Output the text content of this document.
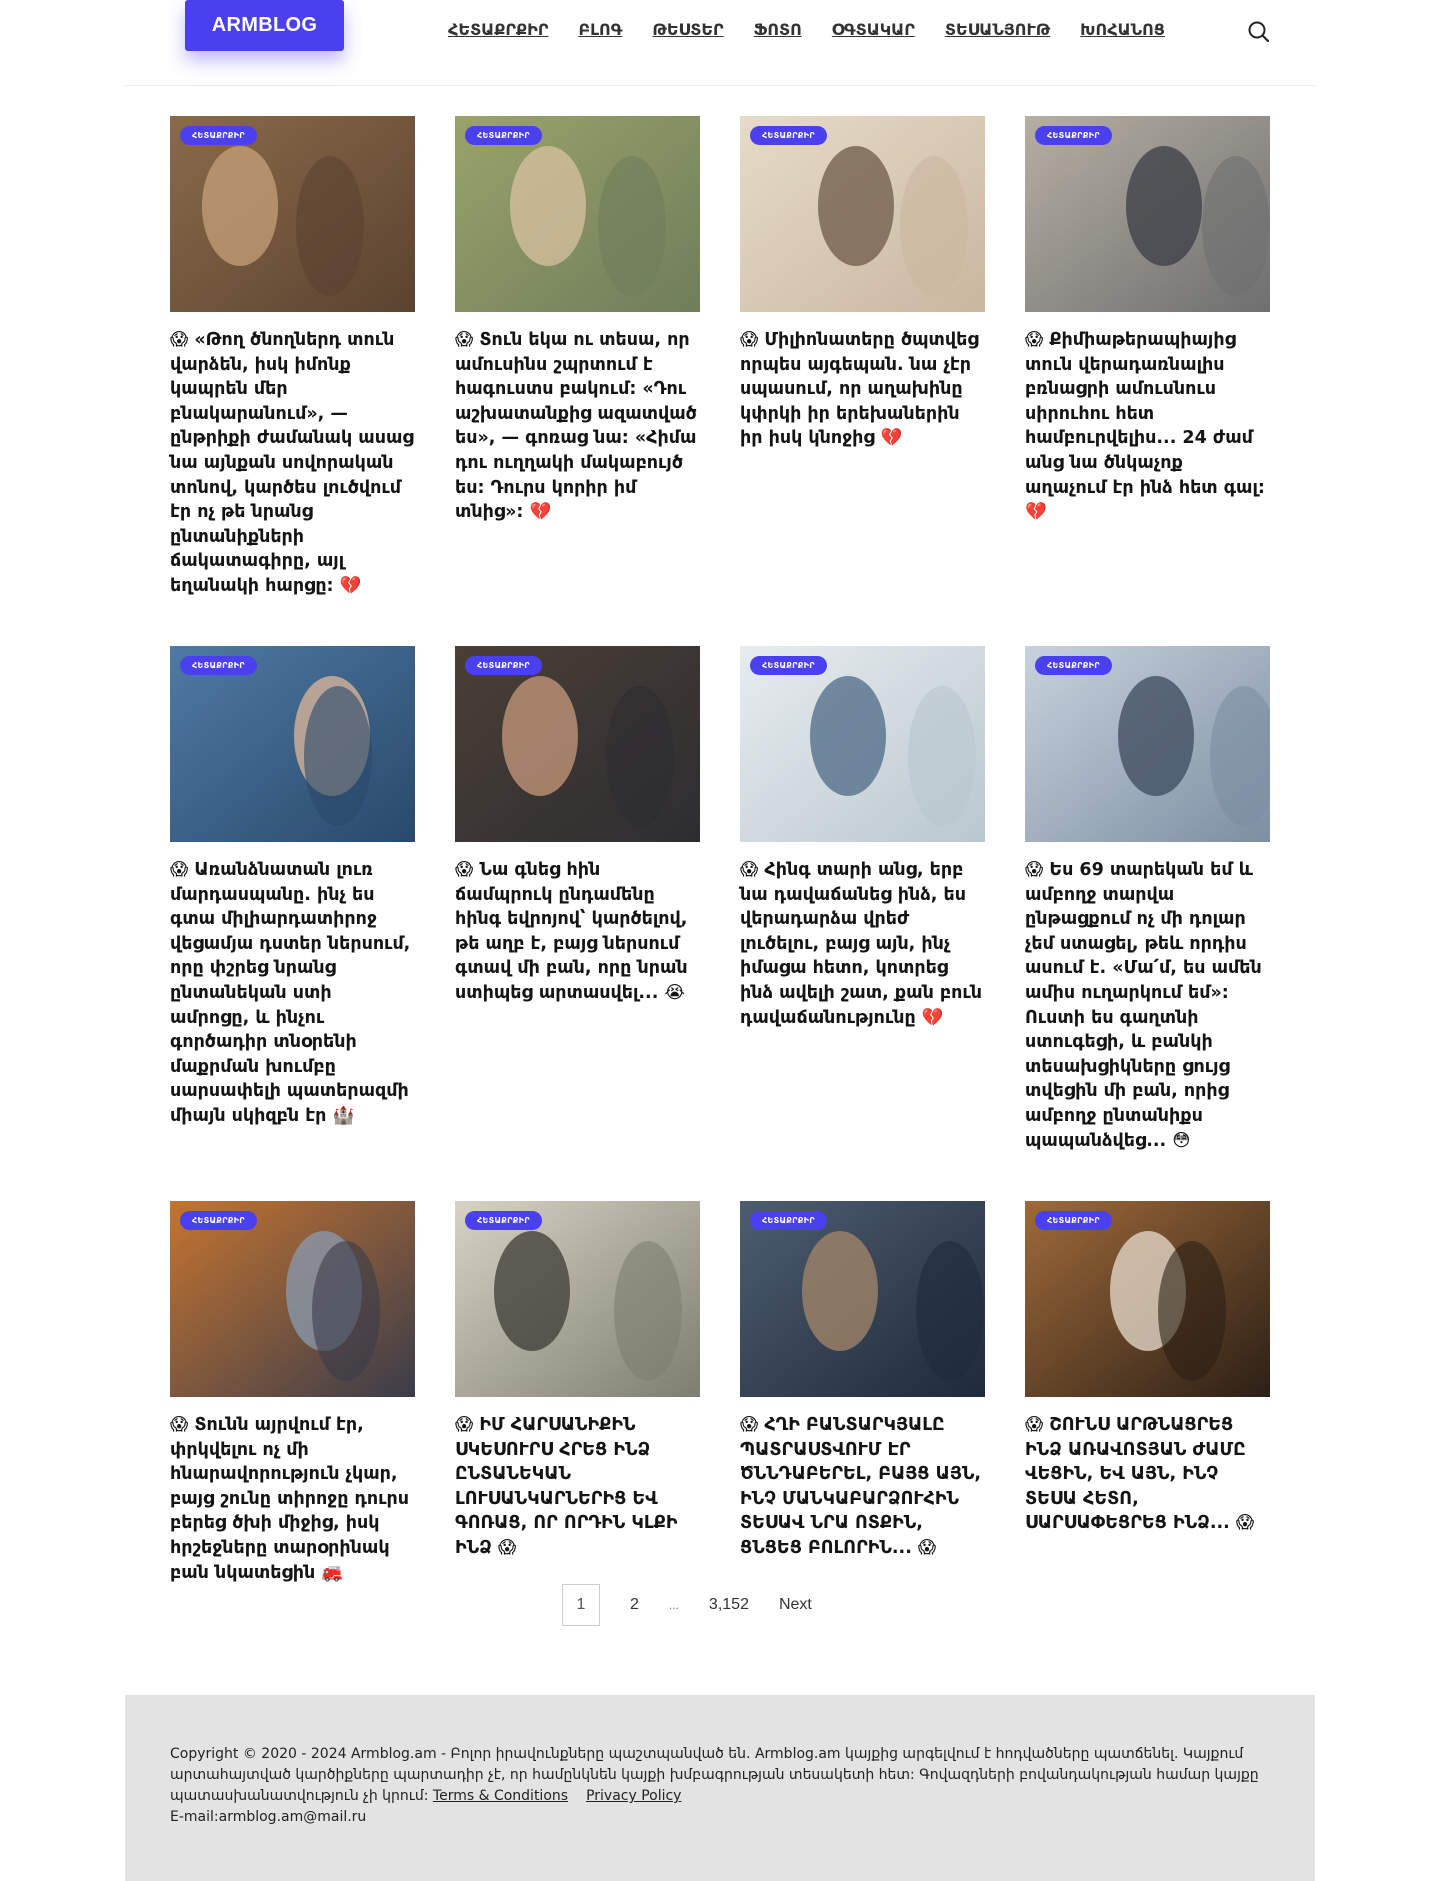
ARMBLOG	ՀԵՏԱՔՐՔԻՐ ԲԼՈԳ ԹԵՍՏԵՐ ՖՈՏՈ ՕԳՏԱԿԱՐ ՏԵՍԱՆՅՈՒԹ ԽՈՀԱՆՈՑ
ՀԵՏԱՔՐՔԻՐ
😱 «Թող ծնողներդ տուն վարձեն, իսկ իմոնք կապրեն մեր բնակարանում», — ընթրիքի ժամանակ ասաց նա այնքան սովորական տոնով, կարծես լուծվում էր ոչ թե նրանց ընտանիքների ճակատագիրը, այլ եղանակի հարցը: 💔
ՀԵՏԱՔՐՔԻՐ
😱 Տուն եկա ու տեսա, որ ամուսինս շպրտում է հագուստս բակում: «Դու աշխատանքից ազատված ես», — գոռաց նա: «Հիմա դու ուղղակի մակաբույծ ես: Դուրս կորիր իմ տնից»: 💔
ՀԵՏԱՔՐՔԻՐ
😱 Միլիոնատերը ծպտվեց որպես այգեպան. նա չէր սպասում, որ աղախինը կփրկի իր երեխաներին իր իսկ կնոջից 💔
ՀԵՏԱՔՐՔԻՐ
😱 Քիմիաթերապիայից տուն վերադառնալիս բռնացրի ամուսնուս սիրուհու հետ համբուրվելիս... 24 ժամ անց նա ծնկաչոք աղաչում էր ինձ հետ գալ: 💔
ՀԵՏԱՔՐՔԻՐ
😱 Առանձնատան լուռ մարդասպանը. ինչ ես գտա միլիարդատիրոջ վեցամյա դստեր ներսում, որը փշրեց նրանց ընտանեկան ստի ամրոցը, և ինչու գործադիր տնօրենի մաքրման խումբը սարսափելի պատերազմի միայն սկիզբն էր 🏰
ՀԵՏԱՔՐՔԻՐ
😱 Նա գնեց հին ճամպրուկ ընդամենը հինգ եվրոյով՝ կարծելով, թե աղբ է, բայց ներսում գտավ մի բան, որը նրան ստիպեց արտասվել... 😭
ՀԵՏԱՔՐՔԻՐ
😱 Հինգ տարի անց, երբ նա դավաճանեց ինձ, ես վերադարձա վրեժ լուծելու, բայց այն, ինչ իմացա հետո, կոտրեց ինձ ավելի շատ, քան բուն դավաճանությունը 💔
ՀԵՏԱՔՐՔԻՐ
😱 Ես 69 տարեկան եմ և ամբողջ տարվա ընթացքում ոչ մի դոլար չեմ ստացել, թեև որդիս ասում է. «Մա՛մ, ես ամեն ամիս ուղարկում եմ»: Ուստի ես գաղտնի ստուգեցի, և բանկի տեսախցիկները ցույց տվեցին մի բան, որից ամբողջ ընտանիքս պապանձվեց... 😳
ՀԵՏԱՔՐՔԻՐ
😱 Տունն այրվում էր, փրկվելու ոչ մի հնարավորություն չկար, բայց շունը տիրոջը դուրս բերեց ծխի միջից, իսկ հրշեջները տարօրինակ բան նկատեցին 🚒
ՀԵՏԱՔՐՔԻՐ
😱 ԻՄ ՀԱՐՍԱՆԻՔԻՆ ՍԿԵՍՈՒՐՍ ՀՐԵՑ ԻՆՁ ԸՆՏԱՆԵԿԱՆ ԼՈՒՍԱՆԿԱՐՆԵՐԻՑ ԵՎ ԳՈՌԱՑ, ՈՐ ՈՐԴԻՆ ԿԼՔԻ ԻՆՁ 😱
ՀԵՏԱՔՐՔԻՐ
😱 ՀՂԻ ԲԱՆՏԱՐԿՅԱԼԸ ՊԱՏՐԱՍՏՎՈՒՄ ԷՐ ԾՆՆԴԱԲԵՐԵԼ, ԲԱՅՑ ԱՅՆ, ԻՆՉ ՄԱՆԿԱԲԱՐՁՈՒՀԻՆ ՏԵՍԱՎ ՆՐԱ ՈՏՔԻՆ, ՑՆՑԵՑ ԲՈԼՈՐԻՆ... 😱
ՀԵՏԱՔՐՔԻՐ
😱 ՇՈՒՆՍ ԱՐԹՆԱՑՐԵՑ ԻՆՁ ԱՌԱՎՈՏՅԱՆ ԺԱՄԸ ՎԵՑԻՆ, ԵՎ ԱՅՆ, ԻՆՉ ՏԵՍԱ ՀԵՏՈ, ՍԱՐՍԱՓԵՑՐԵՑ ԻՆՁ... 😱
1	2	... 3,152 Next
Copyright © 2020 - 2024 Armblog.am - Բոլոր իրավունքները պաշտպանված են. Armblog.am կայքից արգելվում է հոդվածները պատճենել. Կայքում արտահայտված կարծիքները պարտադիր չէ, որ համընկնեն կայքի խմբագրության տեսակետի հետ: Գովազդների բովանդակության համար կայքը պատասխանատվություն չի կրում: Terms & Conditions Privacy Policy
E-mail:armblog.am@mail.ru
